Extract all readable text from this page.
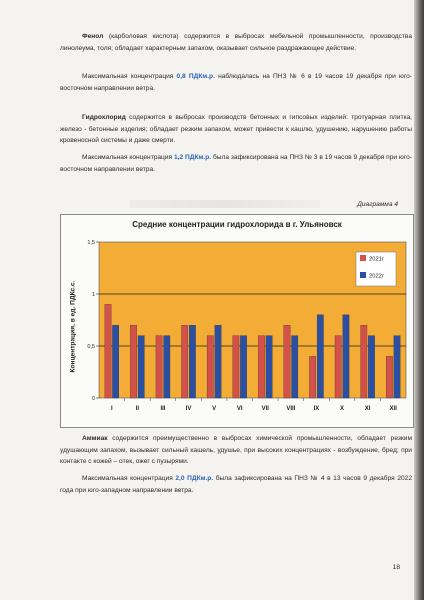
Фенол (карболовая кислота) содержится в выбросах мебельной промышленности, производства линолеума, толя; обладает характерным запахом, оказывает сильное раздражающее действие.
Максимальная концентрация 0,8 ПДКм.р. наблюдалась на ПНЗ № 6 в 19 часов 19 декабря при юго-восточном направлении ветра.
Гидрохлорид содержится в выбросах производств бетонных и гипсовых изделий: тротуарная плитка, железо - бетонные изделия; обладает резким запахом, может привести к кашлю, удушению, нарушению работы кровеносной системы и даже смерти.
Максимальная концентрация 1,2 ПДКм.р. была зафиксирована на ПНЗ № 3 в 19 часов 9 декабря при юго-восточном направлении ветра.
Диаграмма 4
Средние концентрации гидрохлорида в г. Ульяновск
Концентрация, в ед. ПДКс.с.
0
0,5
1
1,5
I	II	III	IV	V	VI	VII	VIII	IX	X	XI	XII
2021г
2022г
Аммиак содержится преимущественно в выбросах химической промышленности, обладает резким удушающим запахом, вызывает сильный кашель, удушье, при высоких концентрациях - возбуждение, бред; при контакте с кожей – отек, ожег с пузырями.
Максимальная концентрация 2,0 ПДКм.р. была зафиксирована на ПНЗ № 4 в 13 часов 9 декабря 2022 года при юго-западном направлении ветра.
18
